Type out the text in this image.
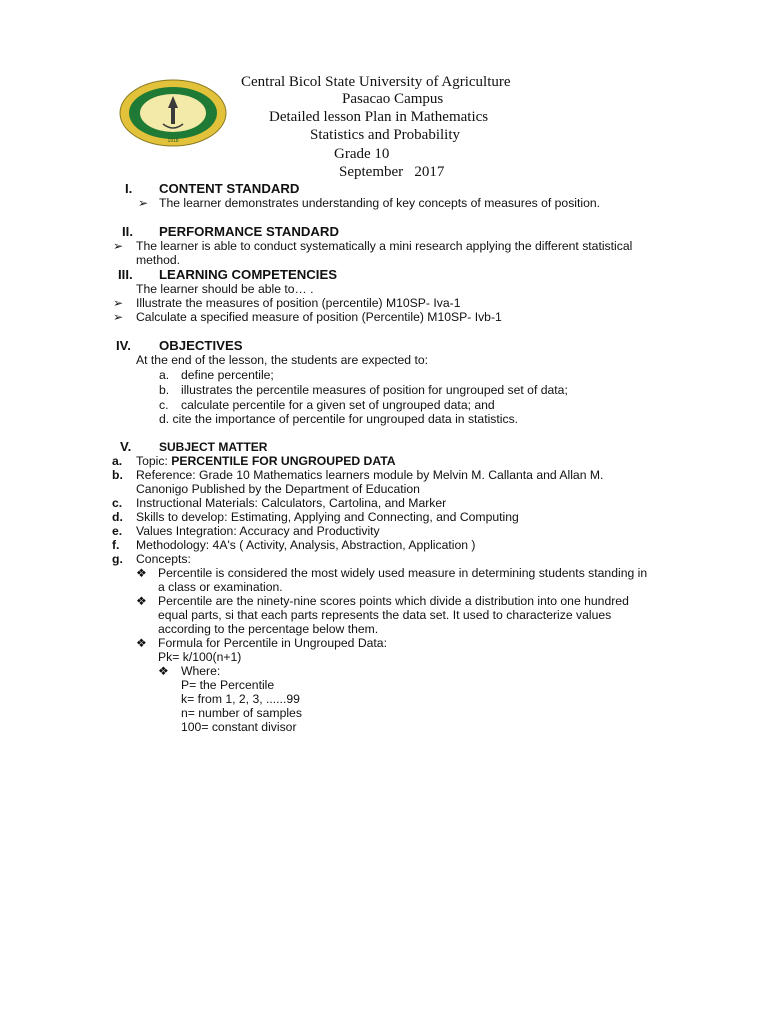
1918
Central Bicol State University of Agriculture
Pasacao Campus
Detailed lesson Plan in Mathematics
Statistics and Probability
Grade 10
September   2017
I. CONTENT STANDARD
➢ The learner demonstrates understanding of key concepts of measures of position.
II. PERFORMANCE STANDARD
➢ The learner is able to conduct systematically a mini research applying the different statistical
method.
III. LEARNING COMPETENCIES
The learner should be able to… .
➢ Illustrate the measures of position (percentile) M10SP- Iva-1
➢ Calculate a specified measure of position (Percentile) M10SP- Ivb-1
IV. OBJECTIVES
At the end of the lesson, the students are expected to:
a. define percentile;
b. illustrates the percentile measures of position for ungrouped set of data;
c. calculate percentile for a given set of ungrouped data; and
d. cite the importance of percentile for ungrouped data in statistics.
V. SUBJECT MATTER
a. Topic: PERCENTILE FOR UNGROUPED DATA
b. Reference: Grade 10 Mathematics learners module by Melvin M. Callanta and Allan M.
Canonigo Published by the Department of Education
c. Instructional Materials: Calculators, Cartolina, and Marker
d. Skills to develop: Estimating, Applying and Connecting, and Computing
e. Values Integration: Accuracy and Productivity
f. Methodology: 4A's ( Activity, Analysis, Abstraction, Application )
g. Concepts:
❖ Percentile is considered the most widely used measure in determining students standing in
a class or examination.
❖ Percentile are the ninety-nine scores points which divide a distribution into one hundred
equal parts, si that each parts represents the data set. It used to characterize values
according to the percentage below them.
❖ Formula for Percentile in Ungrouped Data:
Pk= k/100(n+1)
❖ Where:
P= the Percentile
k= from 1, 2, 3, ......99
n= number of samples
100= constant divisor
